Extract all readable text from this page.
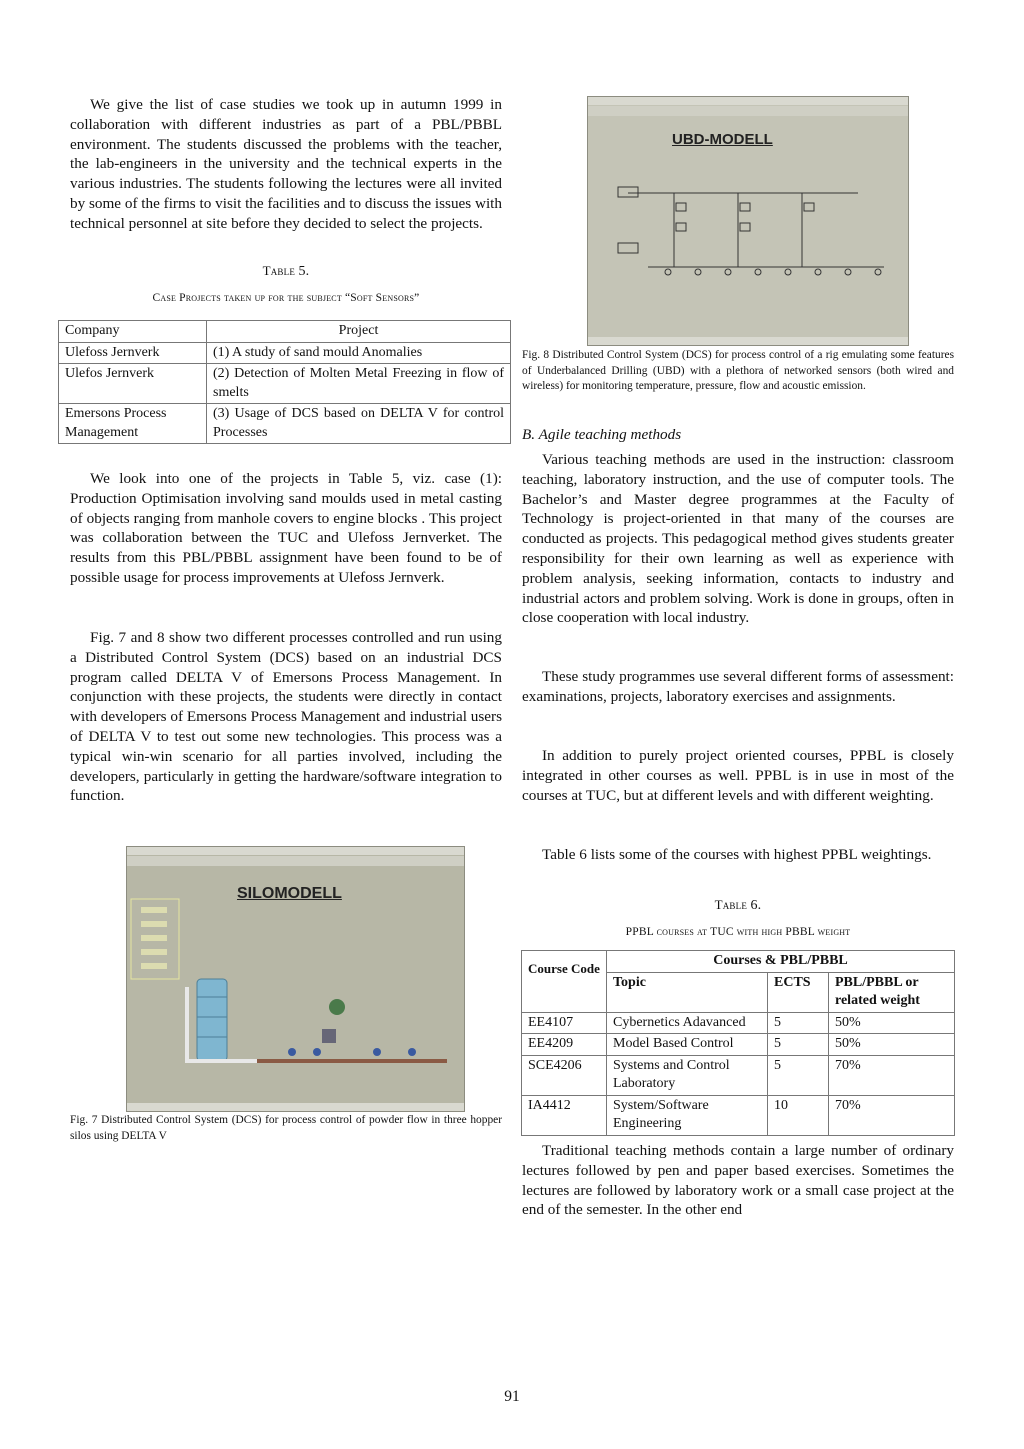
We give the list of case studies we took up in autumn 1999 in collaboration with different industries as part of a PBL/PBBL environment. The students discussed the problems with the teacher, the lab-engineers in the university and the technical experts in the various industries. The students following the lectures were all invited by some of the firms to visit the facilities and to discuss the issues with technical personnel at site before they decided to select the projects.

Table 5.
Case Projects taken up for the subject “Soft Sensors”
Company	Project
Ulefoss Jernverk	(1) A study of sand mould Anomalies
Ulefos Jernverk	(2) Detection of Molten Metal Freezing in flow of smelts
Emersons Process Management	(3) Usage of DCS based on DELTA V for control Processes

We look into one of the projects in Table 5, viz. case (1): Production Optimisation involving sand moulds used in metal casting of objects ranging from manhole covers to engine blocks . This project was collaboration between the TUC and Ulefoss Jernverket. The results from this PBL/PBBL assignment have been found to be of possible usage for process improvements at Ulefoss Jernverk.

Fig. 7 and 8 show two different processes controlled and run using a Distributed Control System (DCS) based on an industrial DCS program called DELTA V of Emersons Process Management. In conjunction with these projects, the students were directly in contact with developers of Emersons Process Management and industrial users of DELTA V to test out some new technologies. This process was a typical win-win scenario for all parties involved, including the developers, particularly in getting the hardware/software integration to function.

SILOMODELL
Fig. 7 Distributed Control System (DCS) for process control of powder flow in three hopper silos using DELTA V
UBD-MODELL
Fig. 8 Distributed Control System (DCS) for process control of a rig emulating some features of Underbalanced Drilling (UBD) with a plethora of networked sensors (both wired and wireless) for monitoring temperature, pressure, flow and acoustic emission.
B. Agile teaching methods

Various teaching methods are used in the instruction: classroom teaching, laboratory instruction, and the use of computer tools. The Bachelor’s and Master degree programmes at the Faculty of Technology is project-oriented in that many of the courses are conducted as projects. This pedagogical method gives students greater responsibility for their own learning as well as experience with problem analysis, seeking information, contacts to industry and industrial actors and problem solving. Work is done in groups, often in close cooperation with local industry.

These study programmes use several different forms of assessment: examinations, projects, laboratory exercises and assignments.

In addition to purely project oriented courses, PPBL is closely integrated in other courses as well. PPBL is in use in most of the courses at TUC, but at different levels and with different weighting.

Table 6 lists some of the courses with highest PPBL weightings.

Table 6.
PPBL courses at TUC with high PBBL weight
Course Code	Courses & PBL/PBBL		
	Topic	ECTS	PBL/PBBL or related weight
EE4107	Cybernetics Adavanced	5	50%
EE4209	Model Based Control	5	50%
SCE4206	Systems and Control Laboratory	5	70%
IA4412	System/Software Engineering	10	70%

Traditional teaching methods contain a large number of ordinary lectures followed by pen and paper based exercises. Sometimes the lectures are followed by laboratory work or a small case project at the end of the semester. In the other end

91
